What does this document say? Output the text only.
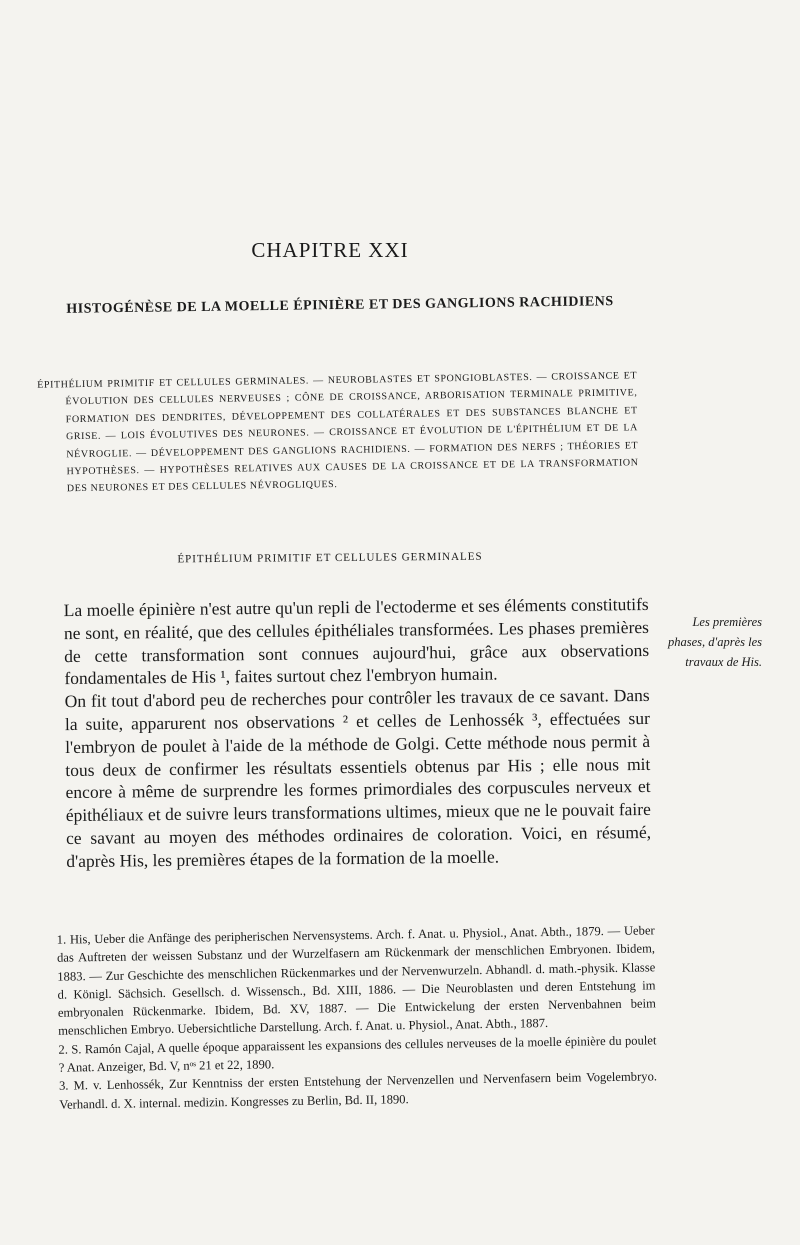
CHAPITRE XXI
HISTOGÉNÈSE DE LA MOELLE ÉPINIÈRE ET DES GANGLIONS RACHIDIENS

ÉPITHÉLIUM PRIMITIF ET CELLULES GERMINALES. — NEUROBLASTES ET SPONGIOBLASTES. — CROISSANCE ET ÉVOLUTION DES CELLULES NERVEUSES ; CÔNE DE CROISSANCE, ARBORISATION TERMINALE PRIMITIVE, FORMATION DES DENDRITES, DÉVELOPPEMENT DES COLLATÉRALES ET DES SUBSTANCES BLANCHE ET GRISE. — LOIS ÉVOLUTIVES DES NEURONES. — CROISSANCE ET ÉVOLUTION DE L'ÉPITHÉLIUM ET DE LA NÉVROGLIE. — DÉVELOPPEMENT DES GANGLIONS RACHIDIENS. — FORMATION DES NERFS ; THÉORIES ET HYPOTHÈSES. — HYPOTHÈSES RELATIVES AUX CAUSES DE LA CROISSANCE ET DE LA TRANSFORMATION DES NEURONES ET DES CELLULES NÉVROGLIQUES.

ÉPITHÉLIUM PRIMITIF ET CELLULES GERMINALES

La moelle épinière n'est autre qu'un repli de l'ectoderme et ses éléments constitutifs ne sont, en réalité, que des cellules épithéliales transformées. Les phases premières de cette transformation sont connues aujourd'hui, grâce aux observations fondamentales de His ¹, faites surtout chez l'embryon humain.

On fit tout d'abord peu de recherches pour contrôler les travaux de ce savant. Dans la suite, apparurent nos observations ² et celles de Lenhossék ³, effectuées sur l'embryon de poulet à l'aide de la méthode de Golgi. Cette méthode nous permit à tous deux de confirmer les résultats essentiels obtenus par His ; elle nous mit encore à même de surprendre les formes primordiales des corpuscules nerveux et épithéliaux et de suivre leurs transformations ultimes, mieux que ne le pouvait faire ce savant au moyen des méthodes ordinaires de coloration. Voici, en résumé, d'après His, les premières étapes de la formation de la moelle.

Les premières phases, d'après les travaux de His.

1. His, Ueber die Anfänge des peripherischen Nervensystems. Arch. f. Anat. u. Physiol., Anat. Abth., 1879. — Ueber das Auftreten der weissen Substanz und der Wurzelfasern am Rückenmark der menschlichen Embryonen. Ibidem, 1883. — Zur Geschichte des menschlichen Rückenmarkes und der Nervenwurzeln. Abhandl. d. math.-physik. Klasse d. Königl. Sächsich. Gesellsch. d. Wissensch., Bd. XIII, 1886. — Die Neuroblasten und deren Entstehung im embryonalen Rückenmarke. Ibidem, Bd. XV, 1887. — Die Entwickelung der ersten Nervenbahnen beim menschlichen Embryo. Uebersichtliche Darstellung. Arch. f. Anat. u. Physiol., Anat. Abth., 1887.

2. S. Ramón Cajal, A quelle époque apparaissent les expansions des cellules nerveuses de la moelle épinière du poulet ? Anat. Anzeiger, Bd. V, nᵒˢ 21 et 22, 1890.

3. M. v. Lenhossék, Zur Kenntniss der ersten Entstehung der Nervenzellen und Nervenfasern beim Vogelembryo. Verhandl. d. X. internal. medizin. Kongresses zu Berlin, Bd. II, 1890.
